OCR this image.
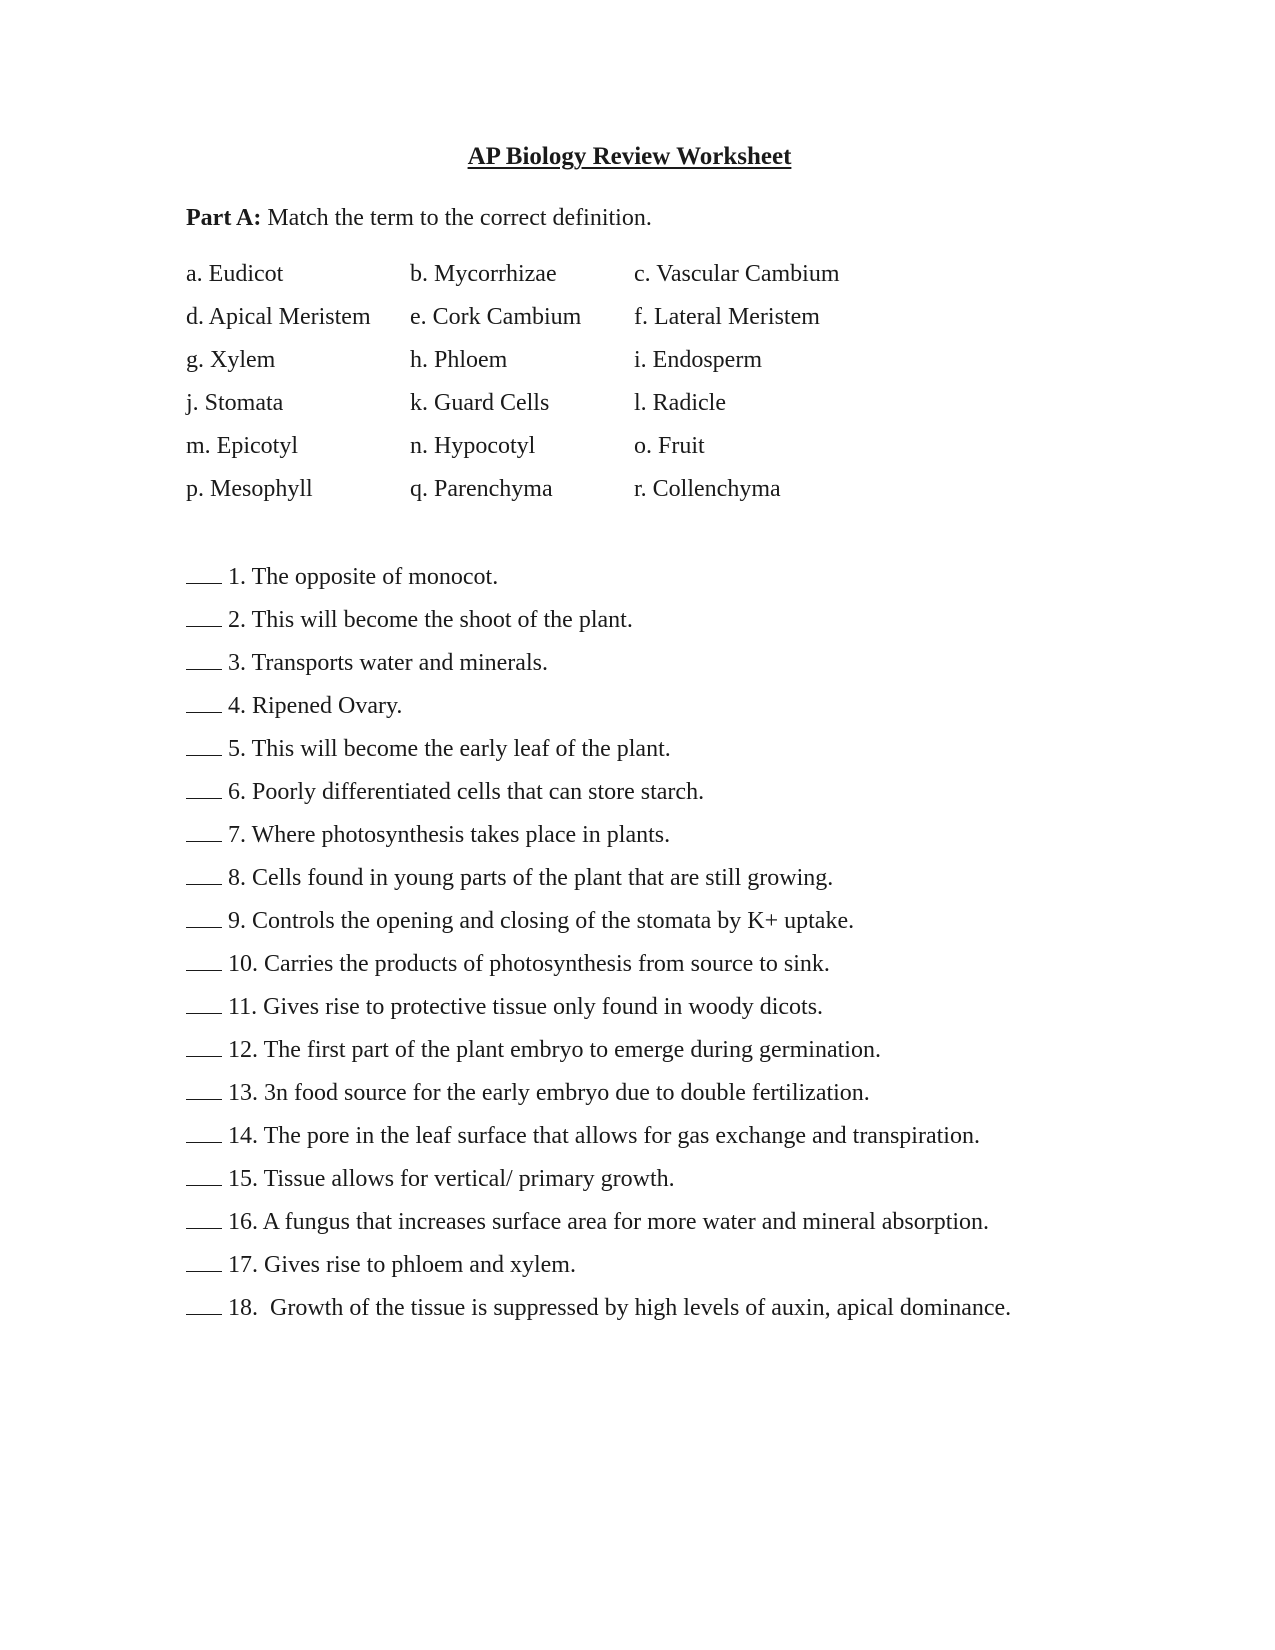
AP Biology Review Worksheet
Part A: Match the term to the correct definition.
a. Eudicot	b. Mycorrhizae	c. Vascular Cambium
d. Apical Meristem	e. Cork Cambium	f. Lateral Meristem
g. Xylem	h. Phloem	i. Endosperm
j. Stomata	k. Guard Cells	l. Radicle
m. Epicotyl	n. Hypocotyl	o. Fruit
p. Mesophyll	q. Parenchyma	r. Collenchyma
1. The opposite of monocot.
2. This will become the shoot of the plant.
3. Transports water and minerals.
4. Ripened Ovary.
5. This will become the early leaf of the plant.
6. Poorly differentiated cells that can store starch.
7. Where photosynthesis takes place in plants.
8. Cells found in young parts of the plant that are still growing.
9. Controls the opening and closing of the stomata by K+ uptake.
10. Carries the products of photosynthesis from source to sink.
11. Gives rise to protective tissue only found in woody dicots.
12. The first part of the plant embryo to emerge during germination.
13. 3n food source for the early embryo due to double fertilization.
14. The pore in the leaf surface that allows for gas exchange and transpiration.
15. Tissue allows for vertical/ primary growth.
16. A fungus that increases surface area for more water and mineral absorption.
17. Gives rise to phloem and xylem.
18.  Growth of the tissue is suppressed by high levels of auxin, apical dominance.
